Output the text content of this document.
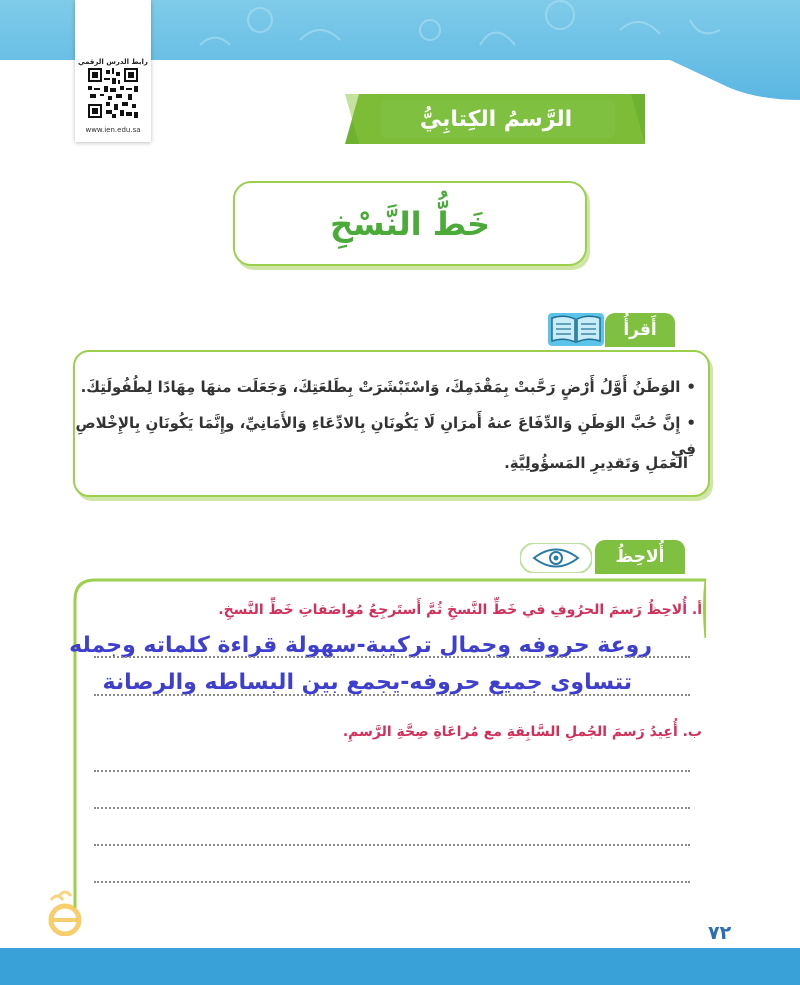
رابط الدرس الرقمي
www.ien.edu.sa	الرَّسمُ الكِتابِيُّ
خَطُّ النَّسْخِ
أَقرأُ
•الوَطَنُ أَوَّلُ أَرْضٍ رَحَّبتْ بِمَقْدَمِكَ، وَاسْتَبْشَرَتْ بِطَلعَتِكَ، وَجَعَلَت منهَا مِهَادًا لِطُفُولَتِكَ.
•إِنَّ حُبَّ الوَطَنِ وَالدِّفَاعَ عنهُ أَمرَانِ لَا يَكُونَانِ بِالادِّعَاءِ وَالأَمَانِيِّ، وإِنَّمَا يَكُونَانِ بِالإِخْلاصِ فِي
العَمَلِ وَتَقدِيرِ المَسؤُولِيَّةِ.
أُلاحِظُ
أ. أُلاحِظُ رَسمَ الحرُوفِ في خَطِّ النَّسخِ ثُمَّ أَستَرجِعُ مُواصَفاتِ خَطِّ النَّسخِ.
روعة حروفه وجمال تركيبة-سهولة قراءة كلماته وجمله
تتساوى جميع حروفه-يجمع بين البساطه والرصانة
ب. أُعِيدُ رَسمَ الجُملِ السَّابِقةِ مع مُراعَاةِ صِحَّةِ الرَّسمِ.
٧٢
